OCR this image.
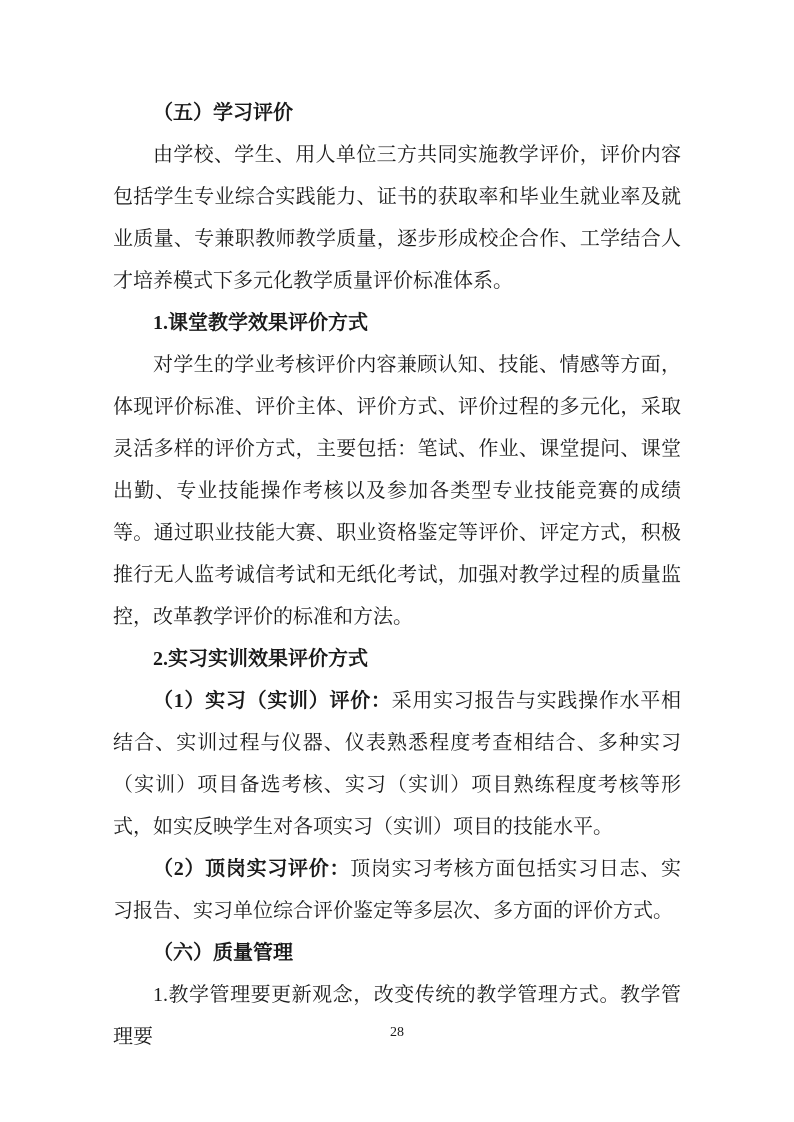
（五）学习评价

由学校、学生、用人单位三方共同实施教学评价，评价内容包括学生专业综合实践能力、证书的获取率和毕业生就业率及就业质量、专兼职教师教学质量，逐步形成校企合作、工学结合人才培养模式下多元化教学质量评价标准体系。

1.课堂教学效果评价方式

对学生的学业考核评价内容兼顾认知、技能、情感等方面，体现评价标准、评价主体、评价方式、评价过程的多元化，采取灵活多样的评价方式，主要包括：笔试、作业、课堂提问、课堂出勤、专业技能操作考核以及参加各类型专业技能竞赛的成绩等。通过职业技能大赛、职业资格鉴定等评价、评定方式，积极推行无人监考诚信考试和无纸化考试，加强对教学过程的质量监控，改革教学评价的标准和方法。

2.实习实训效果评价方式

（1）实习（实训）评价：采用实习报告与实践操作水平相结合、实训过程与仪器、仪表熟悉程度考查相结合、多种实习（实训）项目备选考核、实习（实训）项目熟练程度考核等形式，如实反映学生对各项实习（实训）项目的技能水平。

（2）顶岗实习评价：顶岗实习考核方面包括实习日志、实习报告、实习单位综合评价鉴定等多层次、多方面的评价方式。

（六）质量管理

1.教学管理要更新观念，改变传统的教学管理方式。教学管理要	28
